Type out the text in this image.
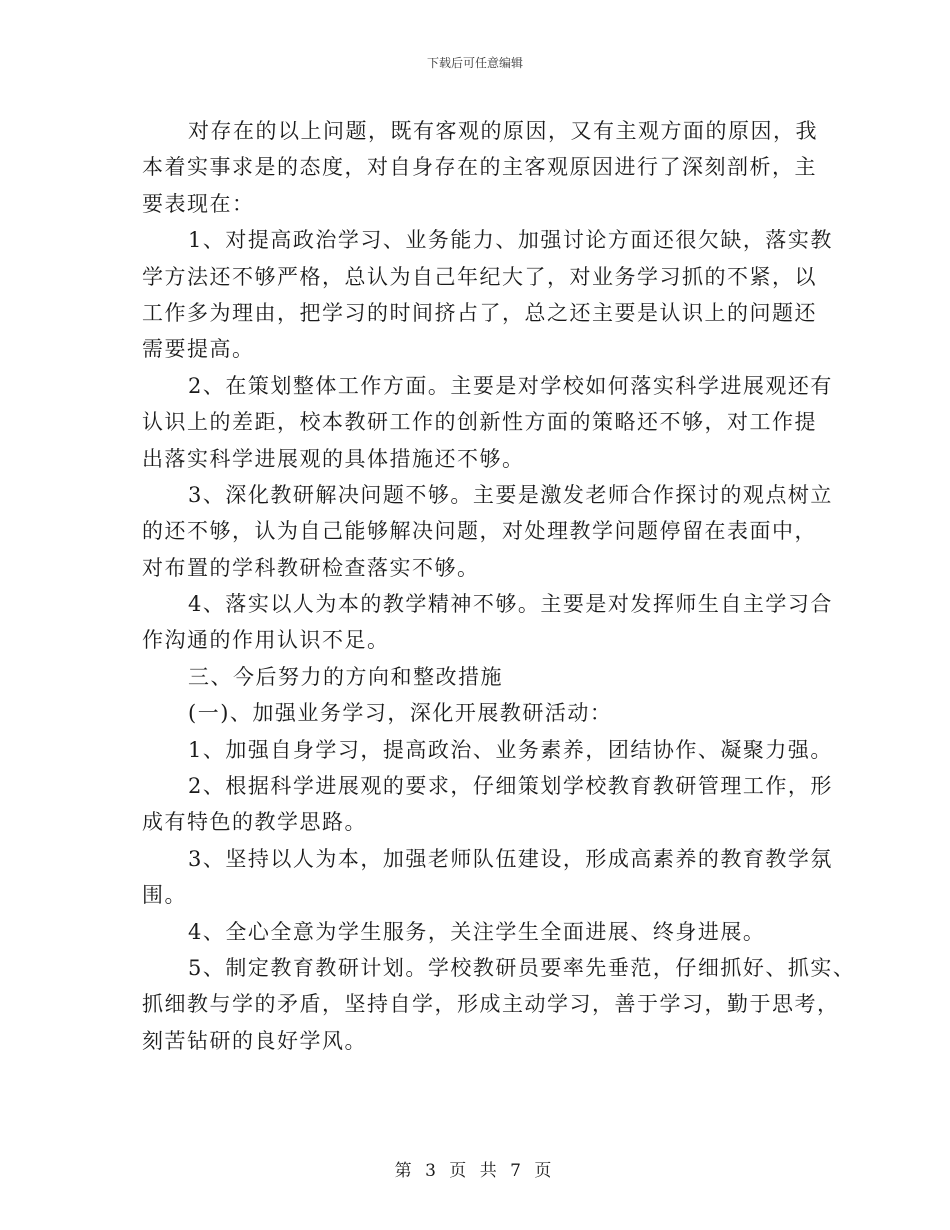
下载后可任意编辑
对存在的以上问题，既有客观的原因，又有主观方面的原因，我
本着实事求是的态度，对自身存在的主客观原因进行了深刻剖析，主
要表现在：
1、对提高政治学习、业务能力、加强讨论方面还很欠缺，落实教
学方法还不够严格，总认为自己年纪大了，对业务学习抓的不紧，以
工作多为理由，把学习的时间挤占了，总之还主要是认识上的问题还
需要提高。
2、在策划整体工作方面。主要是对学校如何落实科学进展观还有
认识上的差距，校本教研工作的创新性方面的策略还不够，对工作提
出落实科学进展观的具体措施还不够。
3、深化教研解决问题不够。主要是激发老师合作探讨的观点树立
的还不够，认为自己能够解决问题，对处理教学问题停留在表面中，
对布置的学科教研检查落实不够。
4、落实以人为本的教学精神不够。主要是对发挥师生自主学习合
作沟通的作用认识不足。
三、今后努力的方向和整改措施
(一)、加强业务学习，深化开展教研活动：
1、加强自身学习，提高政治、业务素养，团结协作、凝聚力强。
2、根据科学进展观的要求，仔细策划学校教育教研管理工作，形
成有特色的教学思路。
3、坚持以人为本，加强老师队伍建设，形成高素养的教育教学氛
围。
4、全心全意为学生服务，关注学生全面进展、终身进展。
5、制定教育教研计划。学校教研员要率先垂范，仔细抓好、抓实、
抓细教与学的矛盾，坚持自学，形成主动学习，善于学习，勤于思考，
刻苦钻研的良好学风。
第 3 页 共 7 页
